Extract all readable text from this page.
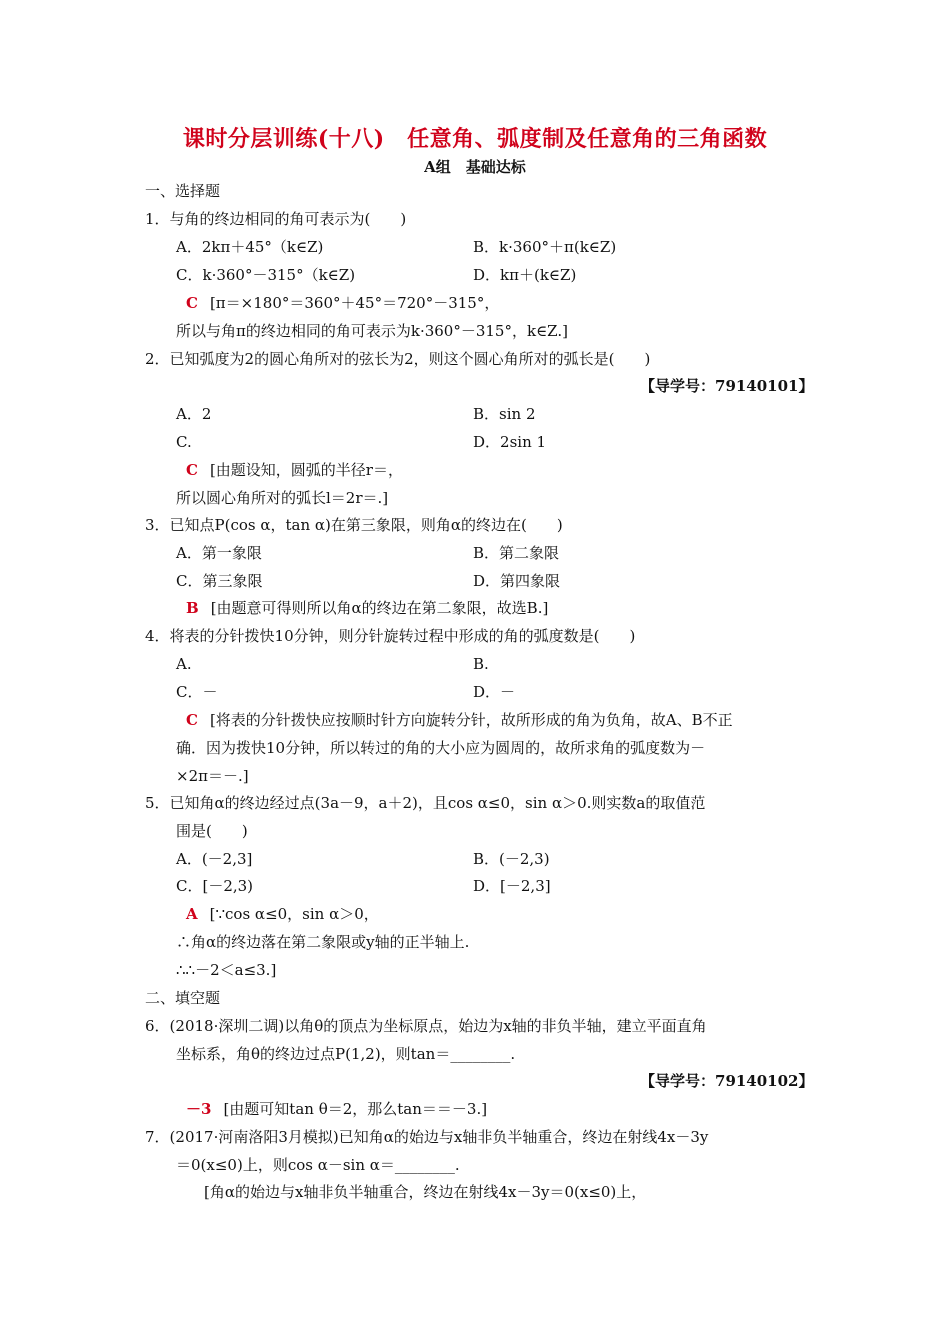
课时分层训练(十八)　任意角、弧度制及任意角的三角函数
A组　基础达标
一、选择题
1．与角的终边相同的角可表示为(　　)
A．2kπ＋45°（k∈Z)	B．k·360°＋π(k∈Z)
C．k·360°－315°（k∈Z)	D．kπ＋(k∈Z)
C [π＝×180°＝360°＋45°＝720°－315°，
所以与角π的终边相同的角可表示为k·360°－315°，k∈Z.]
2．已知弧度为2的圆心角所对的弦长为2，则这个圆心角所对的弧长是(　　)
【导学号：79140101】
A．2	B．sin 2
C.	D．2sin 1
C [由题设知，圆弧的半径r＝，
所以圆心角所对的弧长l＝2r＝.]
3．已知点P(cos α，tan α)在第三象限，则角α的终边在(　　)
A．第一象限	B．第二象限
C．第三象限	D．第四象限
B [由题意可得则所以角α的终边在第二象限，故选B.]
4．将表的分针拨快10分钟，则分针旋转过程中形成的角的弧度数是(　　)
A.	B.
C．－	D．－
C [将表的分针拨快应按顺时针方向旋转分针，故所形成的角为负角，故A、B不正
确．因为拨快10分钟，所以转过的角的大小应为圆周的，故所求角的弧度数为－
×2π＝－.]
5．已知角α的终边经过点(3a－9，a＋2)，且cos α≤0，sin α＞0.则实数a的取值范
围是(　　)
A．(－2,3]	B．(－2,3)
C．[－2,3)	D．[－2,3]
A [∵cos α≤0，sin α＞0，
∴角α的终边落在第二象限或y轴的正半轴上.
∴∴－2＜a≤3.]
二、填空题
6．(2018·深圳二调)以角θ的顶点为坐标原点，始边为x轴的非负半轴，建立平面直角
坐标系，角θ的终边过点P(1,2)，则tan＝________.
【导学号：79140102】
－3 [由题可知tan θ＝2，那么tan＝＝－3.]
7．(2017·河南洛阳3月模拟)已知角α的始边与x轴非负半轴重合，终边在射线4x－3y
＝0(x≤0)上，则cos α－sin α＝________.
[角α的始边与x轴非负半轴重合，终边在射线4x－3y＝0(x≤0)上，
